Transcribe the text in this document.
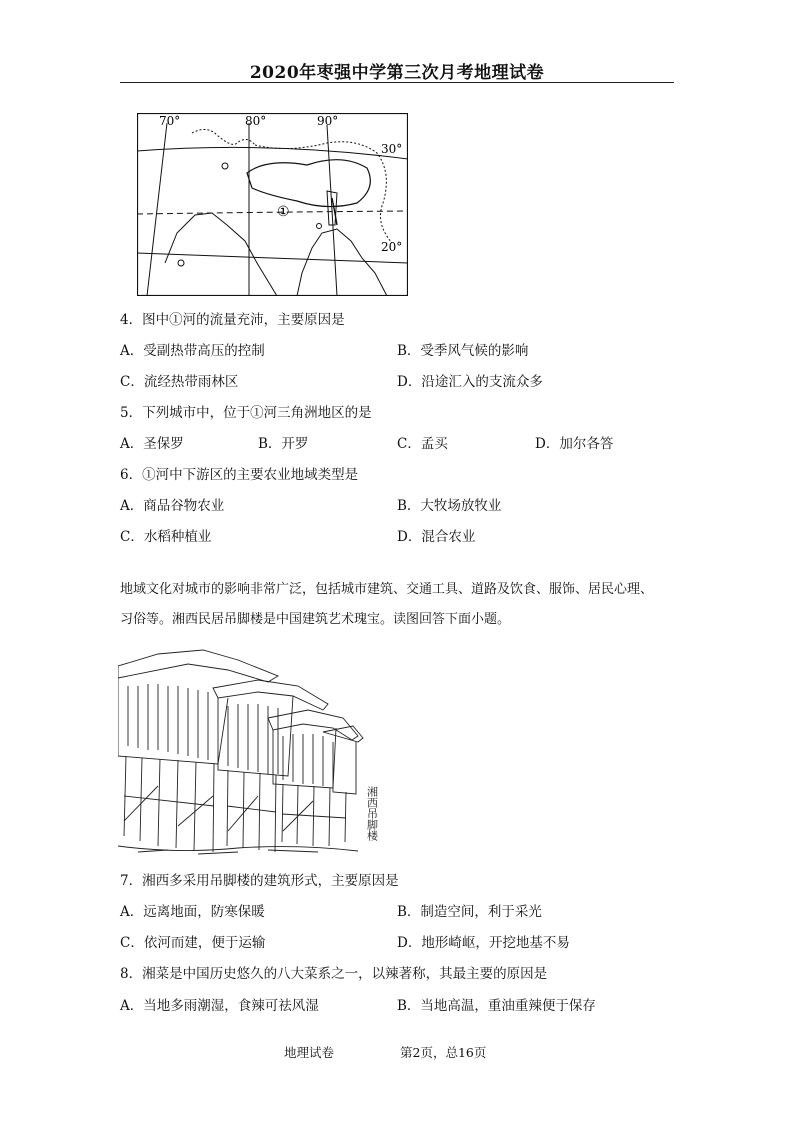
2020年枣强中学第三次月考地理试卷
70°	80°	90°
30°
20°
①
4．图中①河的流量充沛，主要原因是
A．受副热带高压的控制	B．受季风气候的影响
C．流经热带雨林区	D．沿途汇入的支流众多
5．下列城市中，位于①河三角洲地区的是
A．圣保罗	B．开罗	C．孟买	D．加尔各答
6．①河中下游区的主要农业地域类型是
A．商品谷物农业	B．大牧场放牧业
C．水稻种植业	D．混合农业
地域文化对城市的影响非常广泛，包括城市建筑、交通工具、道路及饮食、服饰、居民心理、
习俗等。湘西民居吊脚楼是中国建筑艺术瑰宝。读图回答下面小题。
湘西吊脚楼
7．湘西多采用吊脚楼的建筑形式，主要原因是
A．远离地面，防寒保暖	B．制造空间，利于采光
C．依河而建，便于运输	D．地形崎岖，开挖地基不易
8．湘菜是中国历史悠久的八大菜系之一，以辣著称，其最主要的原因是
A．当地多雨潮湿，食辣可祛风湿	B．当地高温，重油重辣便于保存
地理试卷	第2页，总16页
